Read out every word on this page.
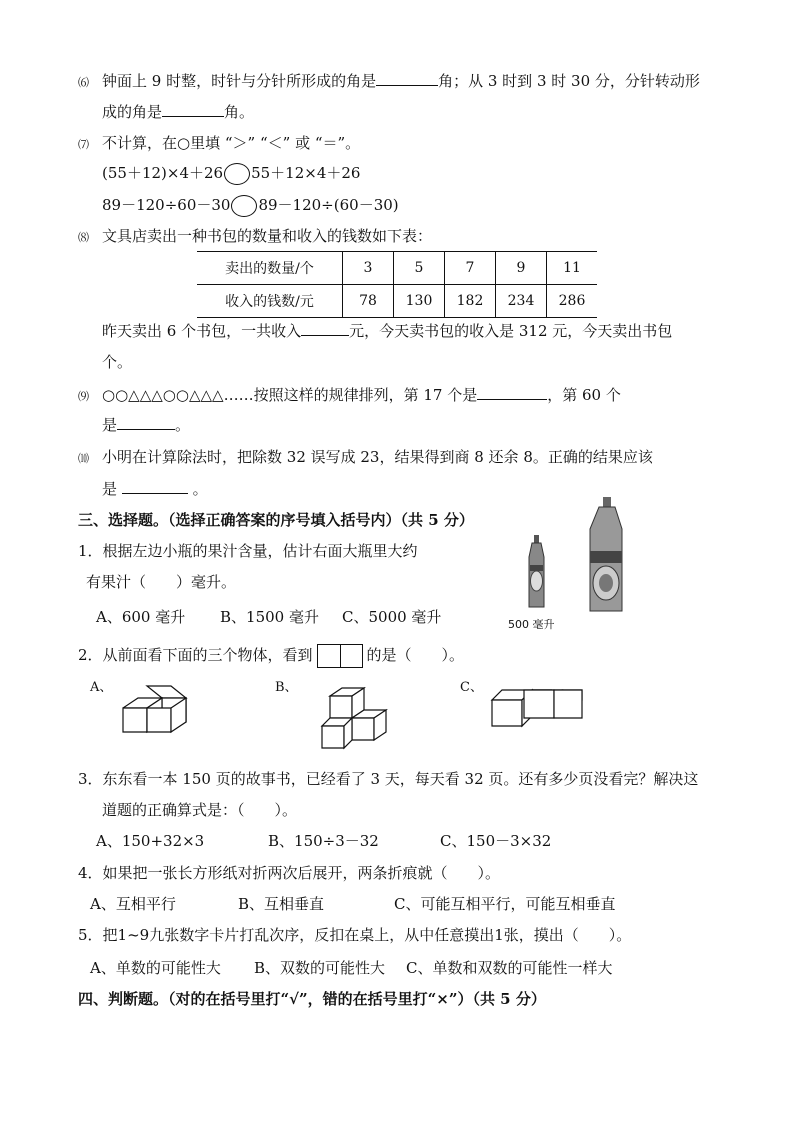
⑹ 钟面上 9 时整，时针与分针所形成的角是	角；从 3 时到 3 时 30 分，分针转动形
成的角是	角。
⑺ 不计算，在○里填 “＞” “＜” 或 “＝”。
(55＋12)×4＋26 55＋12×4＋26
89－120÷60－30 89－120÷(60－30)
⑻ 文具店卖出一种书包的数量和收入的钱数如下表：
卖出的数量/个	3	5	7	9	11
收入的钱数/元	78	130	182	234	286
昨天卖出 6 个书包，一共收入	元，今天卖书包的收入是 312 元，今天卖出书包
个。
⑼ ○○△△△○○△△△……按照这样的规律排列，第 17 个是	，第 60 个
是	。
⑽ 小明在计算除法时，把除数 32 误写成 23，结果得到商 8 还余 8。正确的结果应该
是	。
三、选择题。（选择正确答案的序号填入括号内）（共 5 分）
1．根据左边小瓶的果汁含量，估计右面大瓶里大约
有果汁（　　）毫升。
A、600 毫升 B、1500 毫升 C、5000 毫升	500 毫升
2．从前面看下面的三个物体，看到	的是（　　）。
A、	B、	C、
3．东东看一本 150 页的故事书，已经看了 3 天，每天看 32 页。还有多少页没看完？解决这
道题的正确算式是：（　　）。
A、150+32×3	B、150÷3－32	C、150－3×32
4．如果把一张长方形纸对折两次后展开，两条折痕就（　　）。
A、互相平行	B、互相垂直	C、可能互相平行，可能互相垂直
5．把1~9九张数字卡片打乱次序，反扣在桌上，从中任意摸出1张，摸出（　　）。
A、单数的可能性大 B、双数的可能性大 C、单数和双数的可能性一样大
四、判断题。（对的在括号里打“√”，错的在括号里打“×”）（共 5 分）
